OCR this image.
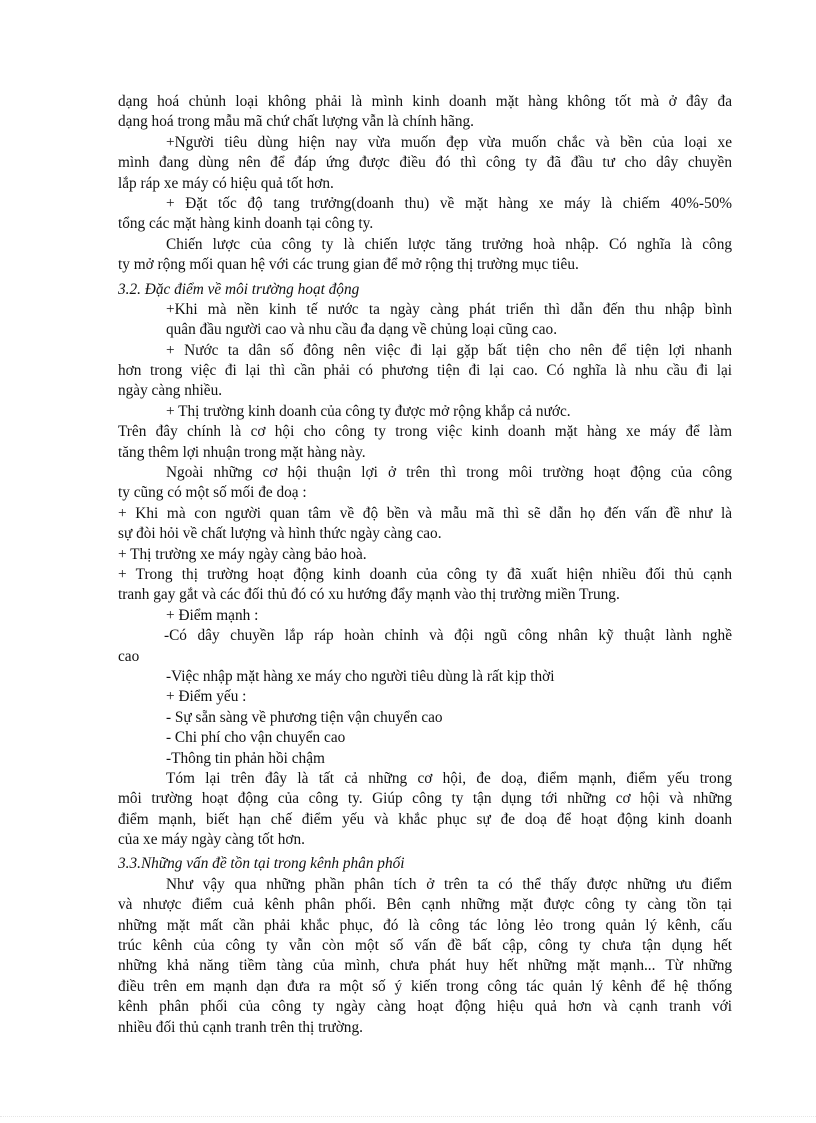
dạng hoá chủnh loại không phải là mình kinh doanh mặt hàng không tốt mà ở đây đa
dạng hoá trong mẫu mã chứ chất lượng vẫn là chính hãng.
+Người tiêu dùng hiện nay vừa muốn đẹp vừa muốn chắc và bền của loại xe
mình đang dùng nên để đáp ứng được điều đó thì công ty đã đầu tư cho dây chuyền
lắp ráp xe máy có hiệu quả tốt hơn.
+ Đặt tốc độ tang trưởng(doanh thu) về mặt hàng xe máy là chiếm 40%-50%
tổng các mặt hàng kinh doanh tại công ty.
Chiến lược của công ty là chiến lược tăng trưởng hoà nhập. Có nghĩa là công
ty mở rộng mối quan hệ với các trung gian để mở rộng thị trường mục tiêu.
3.2. Đặc điểm về môi trường hoạt động
+Khi mà nền kinh tế nước ta ngày càng phát triển thì dẫn đến thu nhập bình
quân đầu người cao và nhu cầu đa dạng về chủng loại cũng cao.
+ Nước ta dân số đông nên việc đi lại gặp bất tiện cho nên để tiện lợi nhanh
hơn trong việc đi lại thì cần phải có phương tiện đi lại cao. Có nghĩa là nhu cầu đi lại
ngày càng nhiều.
+ Thị trường kinh doanh của công ty được mở rộng khắp cả nước.
Trên đây chính là cơ hội cho công ty trong việc kinh doanh mặt hàng xe máy để làm
tăng thêm lợi nhuận trong mặt hàng này.
Ngoài những cơ hội thuận lợi ở trên thì trong môi trường hoạt động của công
ty cũng có một số mối đe doạ :
+ Khi mà con người quan tâm về độ bền và mẫu mã thì sẽ dẫn họ đến vấn đề như là
sự đòi hỏi về chất lượng và hình thức ngày càng cao.
+ Thị trường xe máy ngày càng bảo hoà.
+ Trong thị trường hoạt động kinh doanh của công ty đã xuất hiện nhiều đối thủ cạnh
tranh gay gắt và các đối thủ đó có xu hướng đẩy mạnh vào thị trường miền Trung.
+ Điểm mạnh :
-Có dây chuyền lắp ráp hoàn chỉnh và đội ngũ công nhân kỹ thuật lành nghề
cao
-Việc nhập mặt hàng xe máy cho người tiêu dùng là rất kịp thời
+ Điểm yếu :
- Sự sẵn sàng về phương tiện vận chuyển cao
- Chi phí cho vận chuyển cao
-Thông tin phản hồi chậm
Tóm lại trên đây là tất cả những cơ hội, đe doạ, điểm mạnh, điểm yếu trong
môi trường hoạt động của công ty. Giúp công ty tận dụng tới những cơ hội và những
điểm mạnh, biết hạn chế điểm yếu và khắc phục sự đe doạ để hoạt động kinh doanh
của xe máy ngày càng tốt hơn.
3.3.Những vấn đề tồn tại trong kênh phân phối
Như vậy qua những phần phân tích ở trên ta có thể thấy được những ưu điểm
và nhược điểm cuả kênh phân phối. Bên cạnh những mặt được công ty càng tồn tại
những mặt mất cần phải khắc phục, đó là công tác lỏng lẻo trong quản lý kênh, cấu
trúc kênh của công ty vẫn còn một số vấn đề bất cập, công ty chưa tận dụng hết
những khả năng tiềm tàng của mình, chưa phát huy hết những mặt mạnh... Từ những
điều trên em mạnh dạn đưa ra một số ý kiến trong công tác quản lý kênh để hệ thống
kênh phân phối của công ty ngày càng hoạt động hiệu quả hơn và cạnh tranh với
nhiều đối thủ cạnh tranh trên thị trường.
